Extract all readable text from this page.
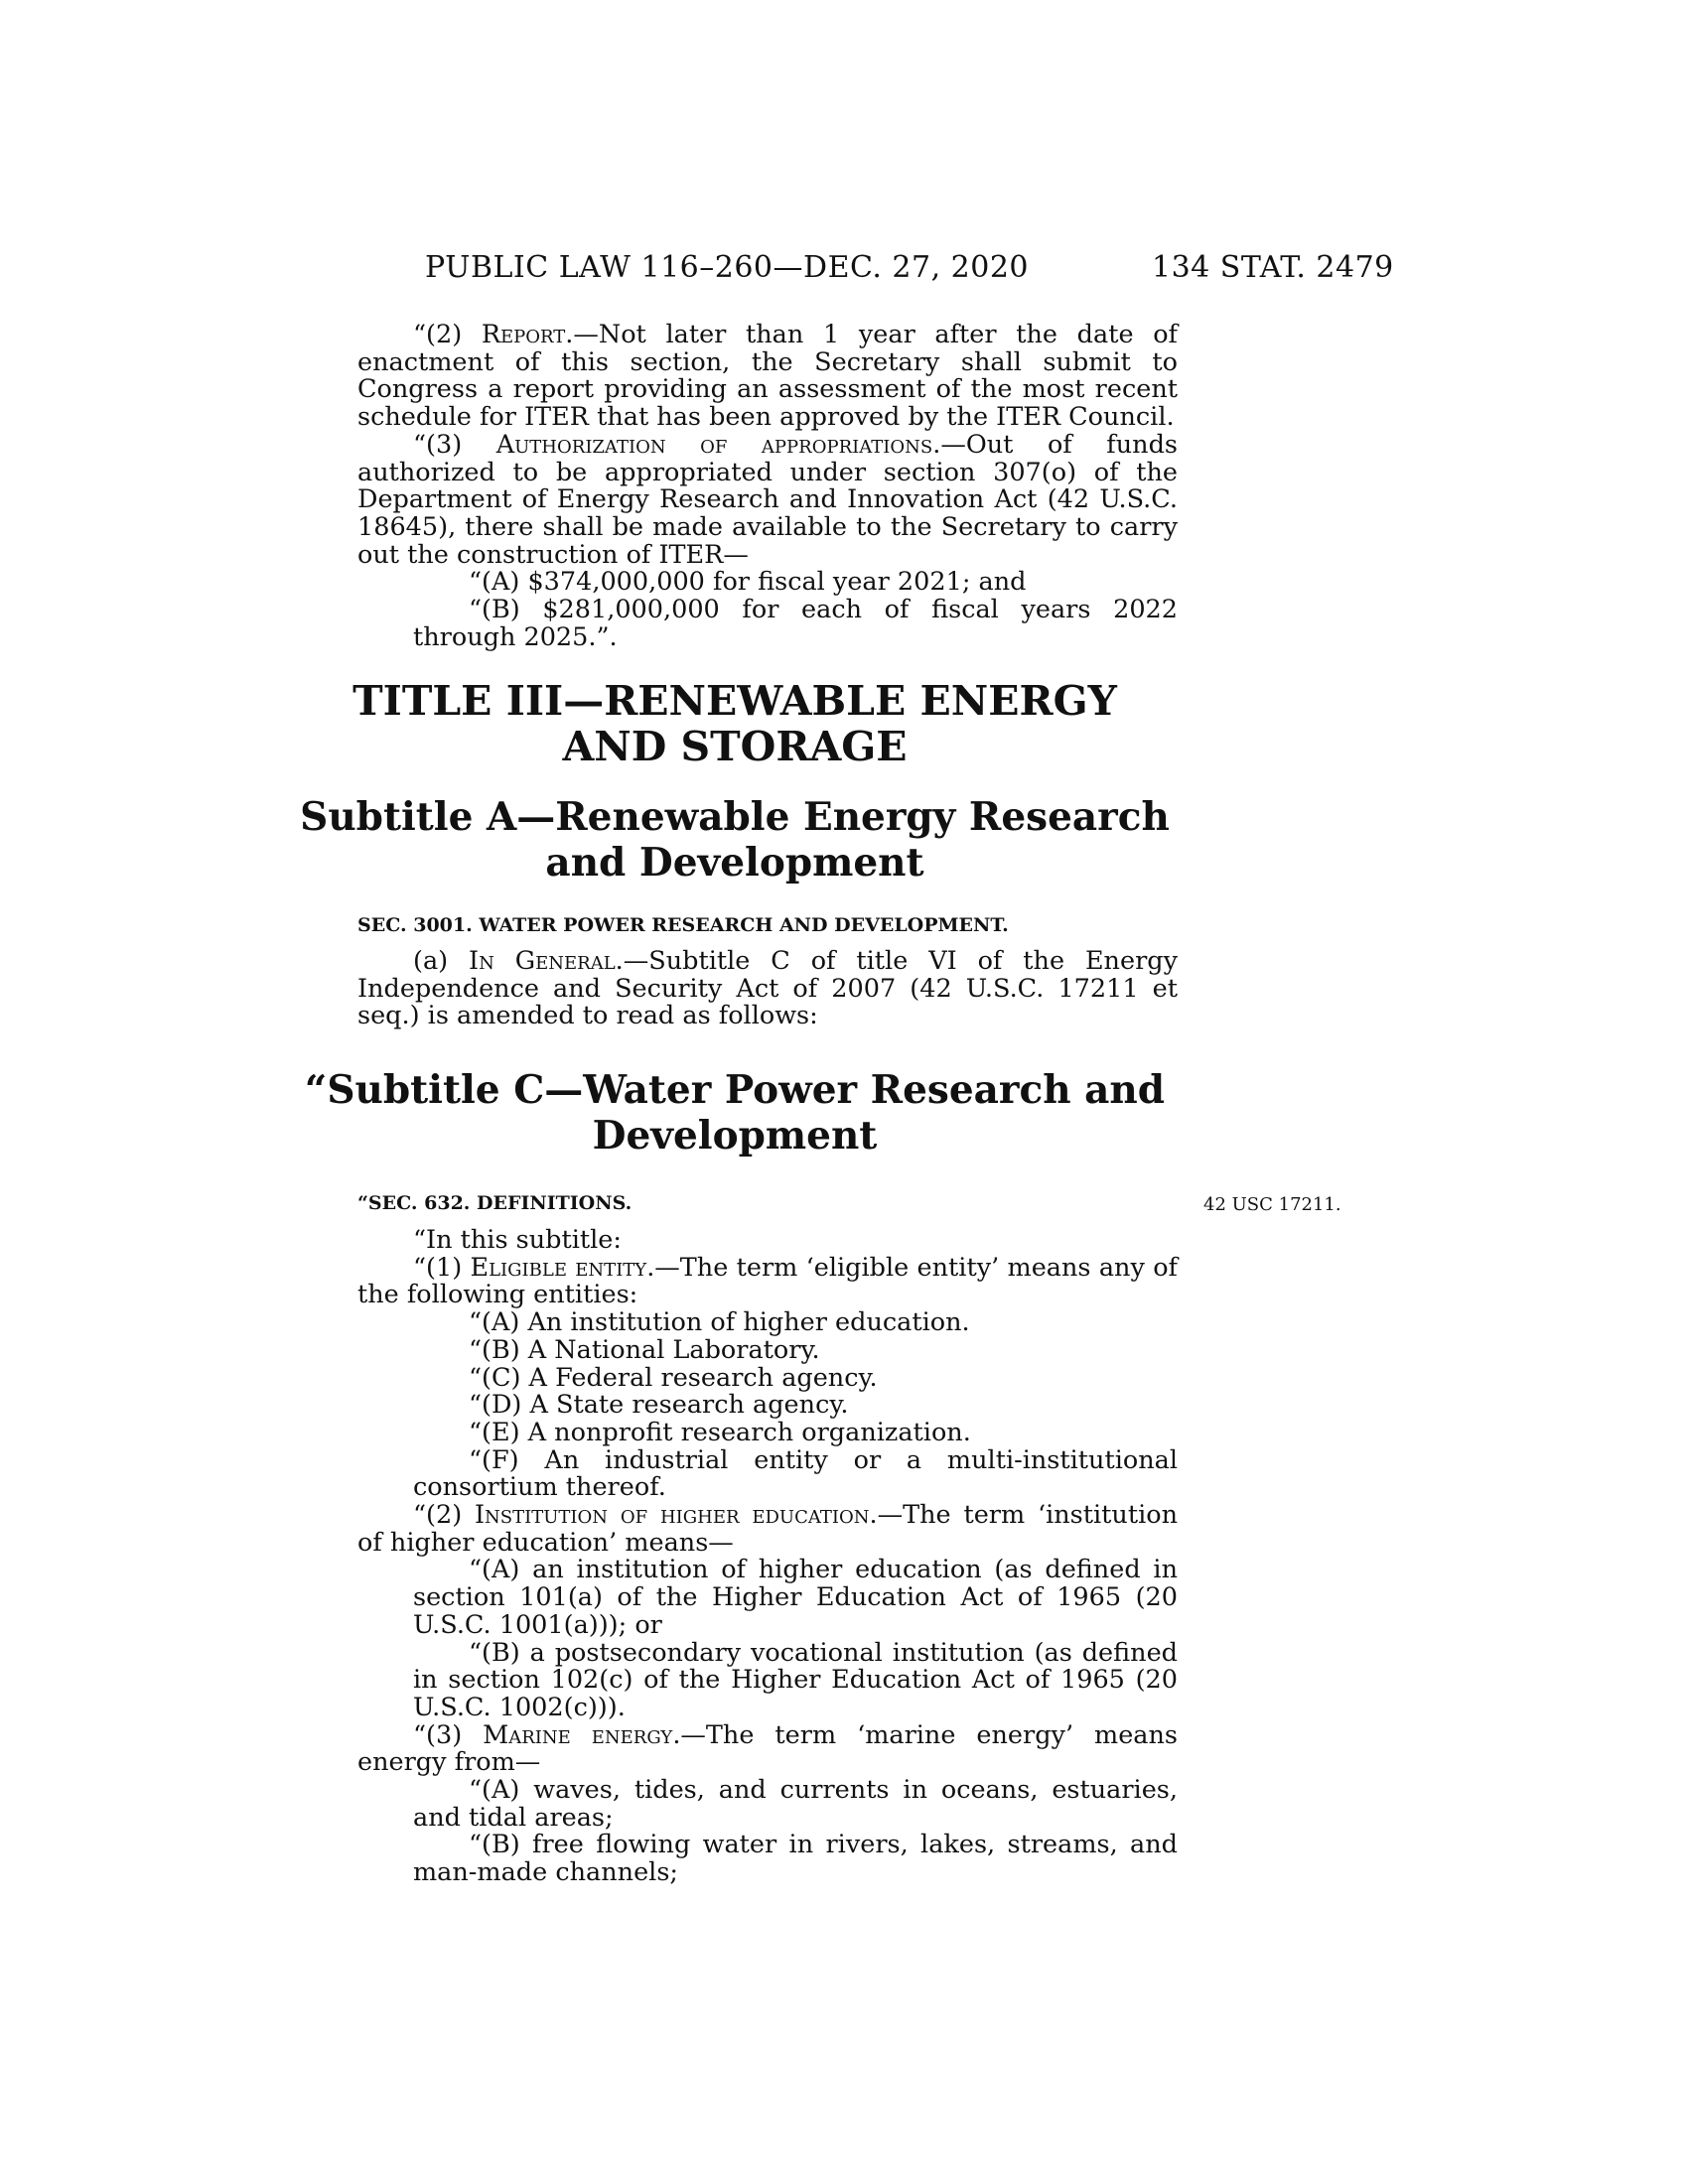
PUBLIC LAW 116–260—DEC. 27, 2020	134 STAT. 2479

“(2) Report.—Not later than 1 year after the date of enactment of this section, the Secretary shall submit to Congress a report providing an assessment of the most recent schedule for ITER that has been approved by the ITER Council.

“(3) Authorization of appropriations.—Out of funds authorized to be appropriated under section 307(o) of the Department of Energy Research and Innovation Act (42 U.S.C. 18645), there shall be made available to the Secretary to carry out the construction of ITER—

“(A) $374,000,000 for fiscal year 2021; and

“(B) $281,000,000 for each of fiscal years 2022 through 2025.”.

TITLE III—RENEWABLE ENERGY AND STORAGE
Subtitle A—Renewable Energy Research and Development
SEC. 3001. WATER POWER RESEARCH AND DEVELOPMENT.

(a) In General.—Subtitle C of title VI of the Energy Independence and Security Act of 2007 (42 U.S.C. 17211 et seq.) is amended to read as follows:

“Subtitle C—Water Power Research and Development
“SEC. 632. DEFINITIONS.	42 USC 17211.

“In this subtitle:

“(1) Eligible entity.—The term ‘eligible entity’ means any of the following entities:

“(A) An institution of higher education.

“(B) A National Laboratory.

“(C) A Federal research agency.

“(D) A State research agency.

“(E) A nonprofit research organization.

“(F) An industrial entity or a multi-institutional consortium thereof.

“(2) Institution of higher education.—The term ‘institution of higher education’ means—

“(A) an institution of higher education (as defined in section 101(a) of the Higher Education Act of 1965 (20 U.S.C. 1001(a))); or

“(B) a postsecondary vocational institution (as defined in section 102(c) of the Higher Education Act of 1965 (20 U.S.C. 1002(c))).

“(3) Marine energy.—The term ‘marine energy’ means energy from—

“(A) waves, tides, and currents in oceans, estuaries, and tidal areas;

“(B) free flowing water in rivers, lakes, streams, and man-made channels;
